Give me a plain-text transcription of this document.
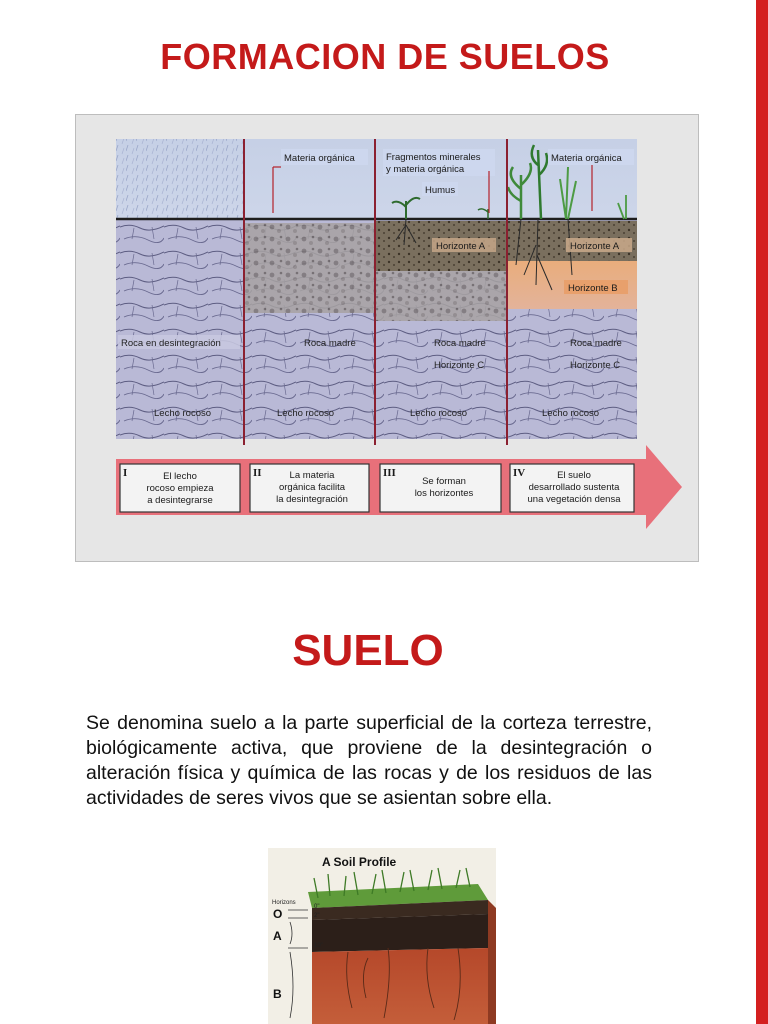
FORMACION DE SUELOS
Materia orgánica	Fragmentos minerales
y materia orgánica
Humus
Horizonte A
Materia orgánica
Horizonte A
Horizonte B
Roca en desintegración	Roca madre	Roca madre
Horizonte C
Roca madre
Horizonte C
Lecho rocoso	Lecho rocoso	Lecho rocoso	Lecho rocoso
I	El lecho
rocoso empieza
a desintegrarse
II	La materia
orgánica facilita
la desintegración
III
Se forman
los horizontes
IV	El suelo
desarrollado sustenta
una vegetación densa
SUELO

Se denomina suelo a la parte superficial de la corteza terrestre, biológicamente activa, que proviene de la desintegración o alteración física y química de las rocas y de los residuos de las actividades de seres vivos que se asientan sobre ella.

A Soil Profile
Horizons
0"
2"
10"
O
A
B
